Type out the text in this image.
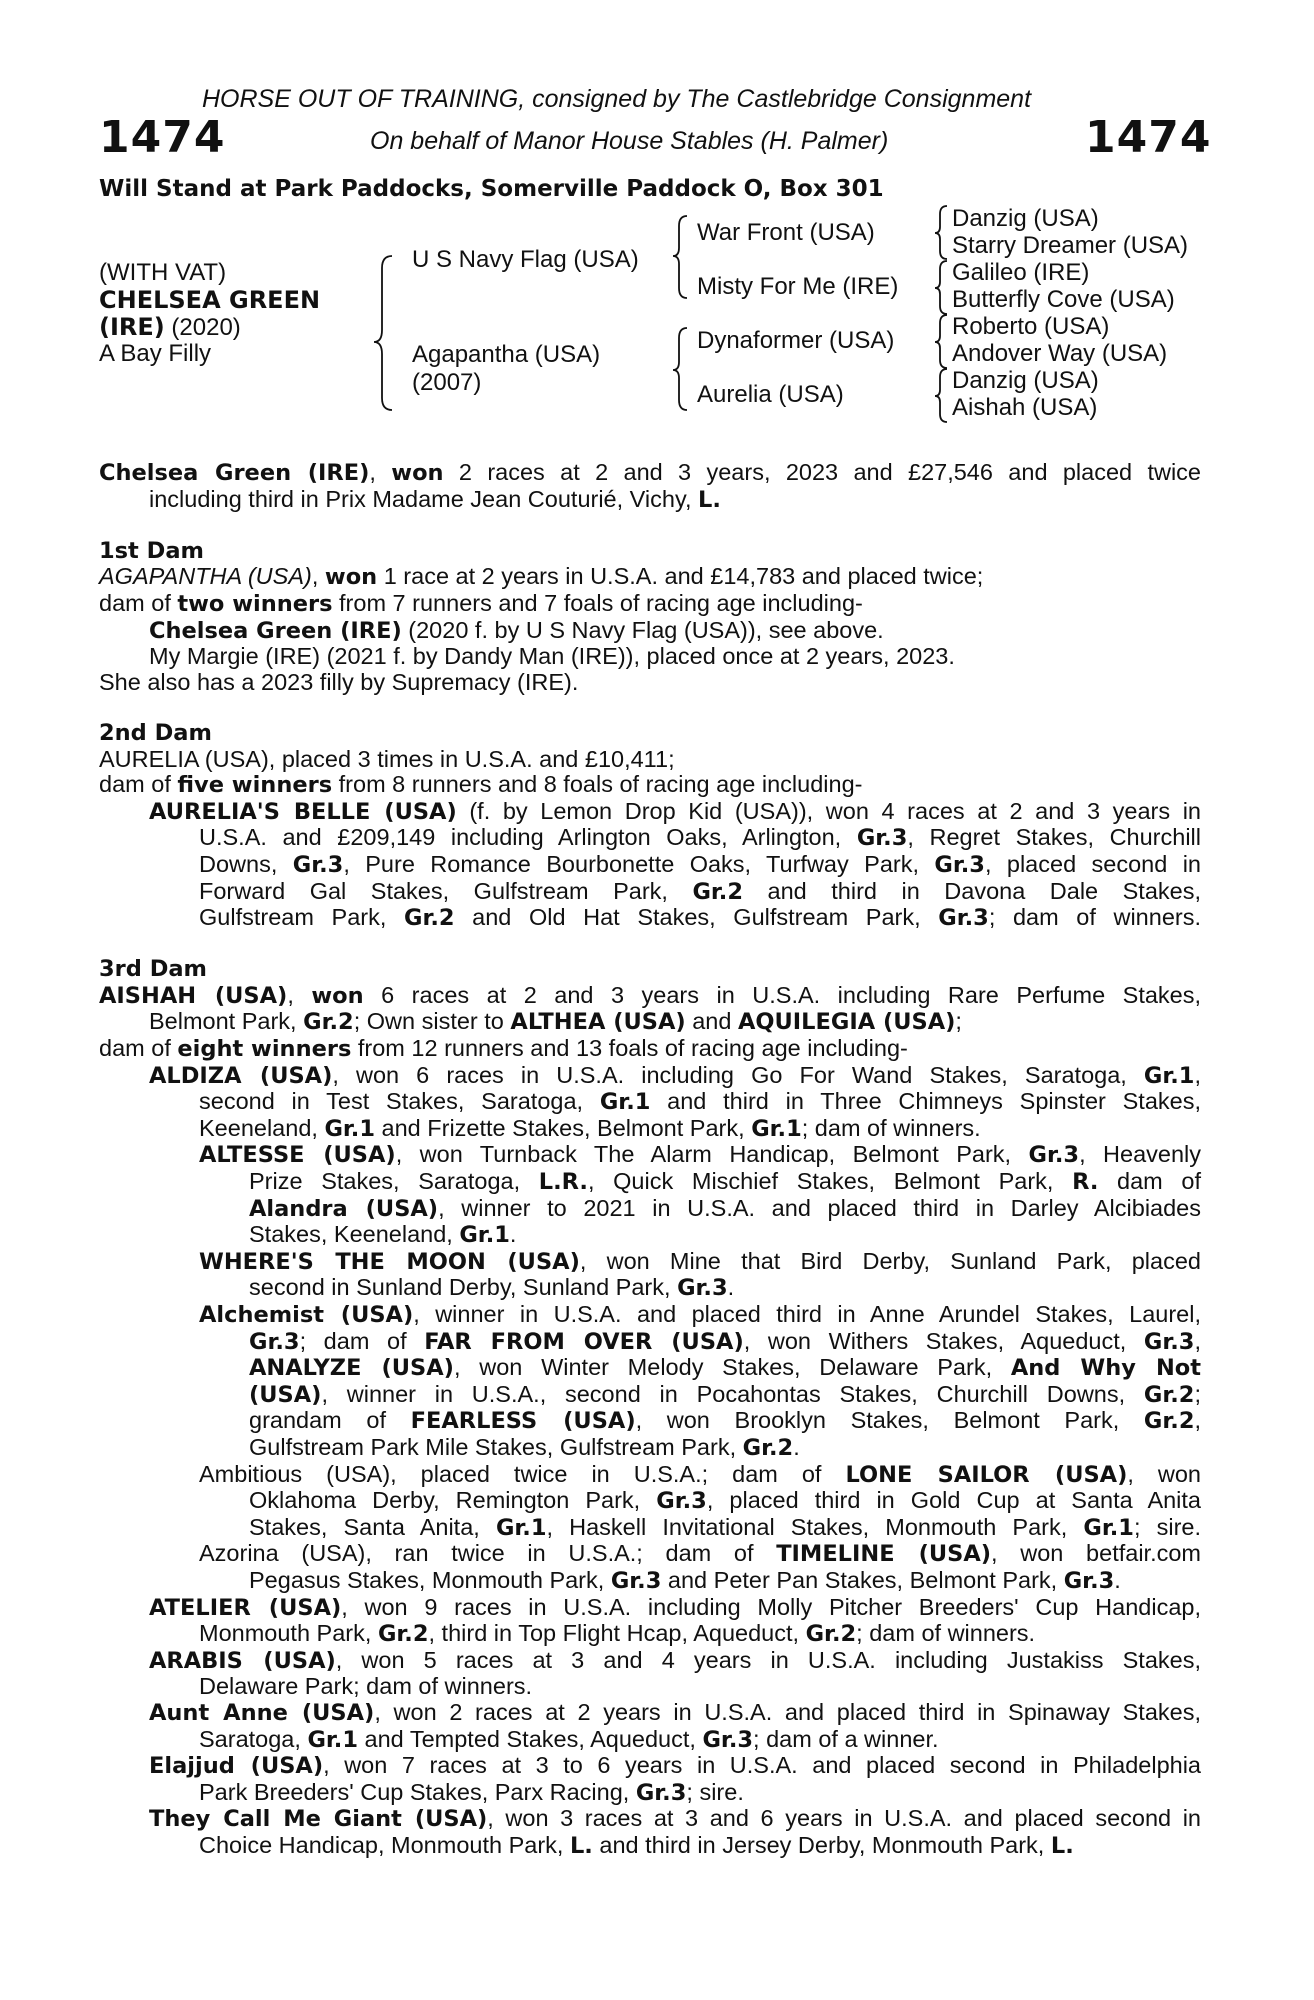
HORSE OUT OF TRAINING, consigned by The Castlebridge Consignment
1474	On behalf of Manor House Stables (H. Palmer)	1474
Will Stand at Park Paddocks, Somerville Paddock O, Box 301
(WITH VAT)
CHELSEA GREEN
(IRE) (2020)
A Bay Filly
U S Navy Flag (USA)
Agapantha (USA)
(2007)
War Front (USA)
Misty For Me (IRE)
Dynaformer (USA)
Aurelia (USA)
Danzig (USA)
Starry Dreamer (USA)
Galileo (IRE)
Butterfly Cove (USA)
Roberto (USA)
Andover Way (USA)
Danzig (USA)
Aishah (USA)
Chelsea Green (IRE), won 2 races at 2 and 3 years, 2023 and £27,546 and placed twice
including third in Prix Madame Jean Couturié, Vichy, L.
1st Dam
AGAPANTHA (USA), won 1 race at 2 years in U.S.A. and £14,783 and placed twice;
dam of two winners from 7 runners and 7 foals of racing age including-
Chelsea Green (IRE) (2020 f. by U S Navy Flag (USA)), see above.
My Margie (IRE) (2021 f. by Dandy Man (IRE)), placed once at 2 years, 2023.
She also has a 2023 filly by Supremacy (IRE).
2nd Dam
AURELIA (USA), placed 3 times in U.S.A. and £10,411;
dam of five winners from 8 runners and 8 foals of racing age including-
AURELIA'S BELLE (USA) (f. by Lemon Drop Kid (USA)), won 4 races at 2 and 3 years in
U.S.A. and £209,149 including Arlington Oaks, Arlington, Gr.3, Regret Stakes, Churchill
Downs, Gr.3, Pure Romance Bourbonette Oaks, Turfway Park, Gr.3, placed second in
Forward Gal Stakes, Gulfstream Park, Gr.2 and third in Davona Dale Stakes,
Gulfstream Park, Gr.2 and Old Hat Stakes, Gulfstream Park, Gr.3; dam of winners.
3rd Dam
AISHAH (USA), won 6 races at 2 and 3 years in U.S.A. including Rare Perfume Stakes,
Belmont Park, Gr.2; Own sister to ALTHEA (USA) and AQUILEGIA (USA);
dam of eight winners from 12 runners and 13 foals of racing age including-
ALDIZA (USA), won 6 races in U.S.A. including Go For Wand Stakes, Saratoga, Gr.1,
second in Test Stakes, Saratoga, Gr.1 and third in Three Chimneys Spinster Stakes,
Keeneland, Gr.1 and Frizette Stakes, Belmont Park, Gr.1; dam of winners.
ALTESSE (USA), won Turnback The Alarm Handicap, Belmont Park, Gr.3, Heavenly
Prize Stakes, Saratoga, L.R., Quick Mischief Stakes, Belmont Park, R. dam of
Alandra (USA), winner to 2021 in U.S.A. and placed third in Darley Alcibiades
Stakes, Keeneland, Gr.1.
WHERE'S THE MOON (USA), won Mine that Bird Derby, Sunland Park, placed
second in Sunland Derby, Sunland Park, Gr.3.
Alchemist (USA), winner in U.S.A. and placed third in Anne Arundel Stakes, Laurel,
Gr.3; dam of FAR FROM OVER (USA), won Withers Stakes, Aqueduct, Gr.3,
ANALYZE (USA), won Winter Melody Stakes, Delaware Park, And Why Not
(USA), winner in U.S.A., second in Pocahontas Stakes, Churchill Downs, Gr.2;
grandam of FEARLESS (USA), won Brooklyn Stakes, Belmont Park, Gr.2,
Gulfstream Park Mile Stakes, Gulfstream Park, Gr.2.
Ambitious (USA), placed twice in U.S.A.; dam of LONE SAILOR (USA), won
Oklahoma Derby, Remington Park, Gr.3, placed third in Gold Cup at Santa Anita
Stakes, Santa Anita, Gr.1, Haskell Invitational Stakes, Monmouth Park, Gr.1; sire.
Azorina (USA), ran twice in U.S.A.; dam of TIMELINE (USA), won betfair.com
Pegasus Stakes, Monmouth Park, Gr.3 and Peter Pan Stakes, Belmont Park, Gr.3.
ATELIER (USA), won 9 races in U.S.A. including Molly Pitcher Breeders' Cup Handicap,
Monmouth Park, Gr.2, third in Top Flight Hcap, Aqueduct, Gr.2; dam of winners.
ARABIS (USA), won 5 races at 3 and 4 years in U.S.A. including Justakiss Stakes,
Delaware Park; dam of winners.
Aunt Anne (USA), won 2 races at 2 years in U.S.A. and placed third in Spinaway Stakes,
Saratoga, Gr.1 and Tempted Stakes, Aqueduct, Gr.3; dam of a winner.
Elajjud (USA), won 7 races at 3 to 6 years in U.S.A. and placed second in Philadelphia
Park Breeders' Cup Stakes, Parx Racing, Gr.3; sire.
They Call Me Giant (USA), won 3 races at 3 and 6 years in U.S.A. and placed second in
Choice Handicap, Monmouth Park, L. and third in Jersey Derby, Monmouth Park, L.
